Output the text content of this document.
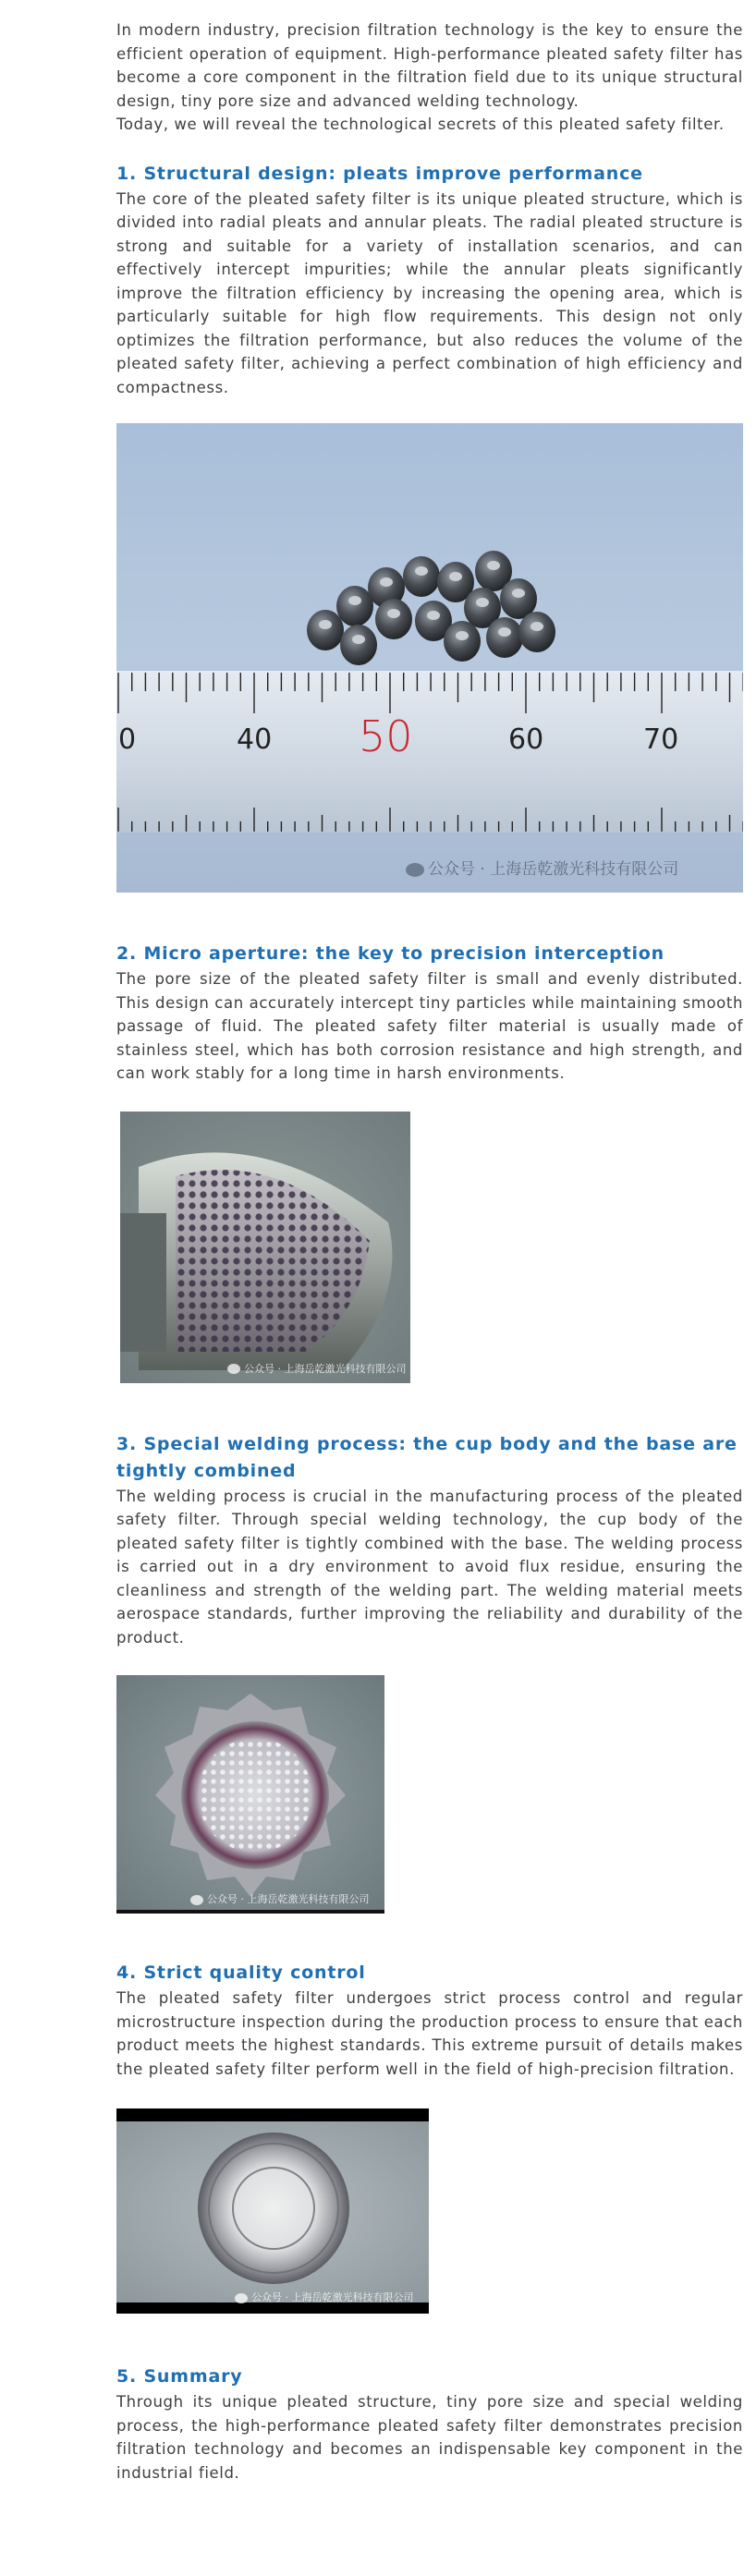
In modern industry, precision filtration technology is the key to ensure the efficient operation of equipment. High-performance pleated safety filter has become a core component in the filtration field due to its unique structural design, tiny pore size and advanced welding technology.

Today, we will reveal the technological secrets of this pleated safety filter.

1. Structural design: pleats improve performance

The core of the pleated safety filter is its unique pleated structure, which is divided into radial pleats and annular pleats. The radial pleated structure is strong and suitable for a variety of installation scenarios, and can effectively intercept impurities; while the annular pleats significantly improve the filtration efficiency by increasing the opening area, which is particularly suitable for high flow requirements. This design not only optimizes the filtration performance, but also reduces the volume of the pleated safety filter, achieving a perfect combination of high efficiency and compactness.

0	40 50	60	70
公众号 · 上海岳乾激光科技有限公司
2. Micro aperture: the key to precision interception

The pore size of the pleated safety filter is small and evenly distributed. This design can accurately intercept tiny particles while maintaining smooth passage of fluid. The pleated safety filter material is usually made of stainless steel, which has both corrosion resistance and high strength, and can work stably for a long time in harsh environments.

公众号 · 上海岳乾激光科技有限公司
3. Special welding process: the cup body and the base are tightly combined

The welding process is crucial in the manufacturing process of the pleated safety filter. Through special welding technology, the cup body of the pleated safety filter is tightly combined with the base. The welding process is carried out in a dry environment to avoid flux residue, ensuring the cleanliness and strength of the welding part. The welding material meets aerospace standards, further improving the reliability and durability of the product.

公众号 · 上海岳乾激光科技有限公司
4. Strict quality control

The pleated safety filter undergoes strict process control and regular microstructure inspection during the production process to ensure that each product meets the highest standards. This extreme pursuit of details makes the pleated safety filter perform well in the field of high-precision filtration.

公众号 · 上海岳乾激光科技有限公司
5. Summary

Through its unique pleated structure, tiny pore size and special welding process, the high-performance pleated safety filter demonstrates precision filtration technology and becomes an indispensable key component in the industrial field.
